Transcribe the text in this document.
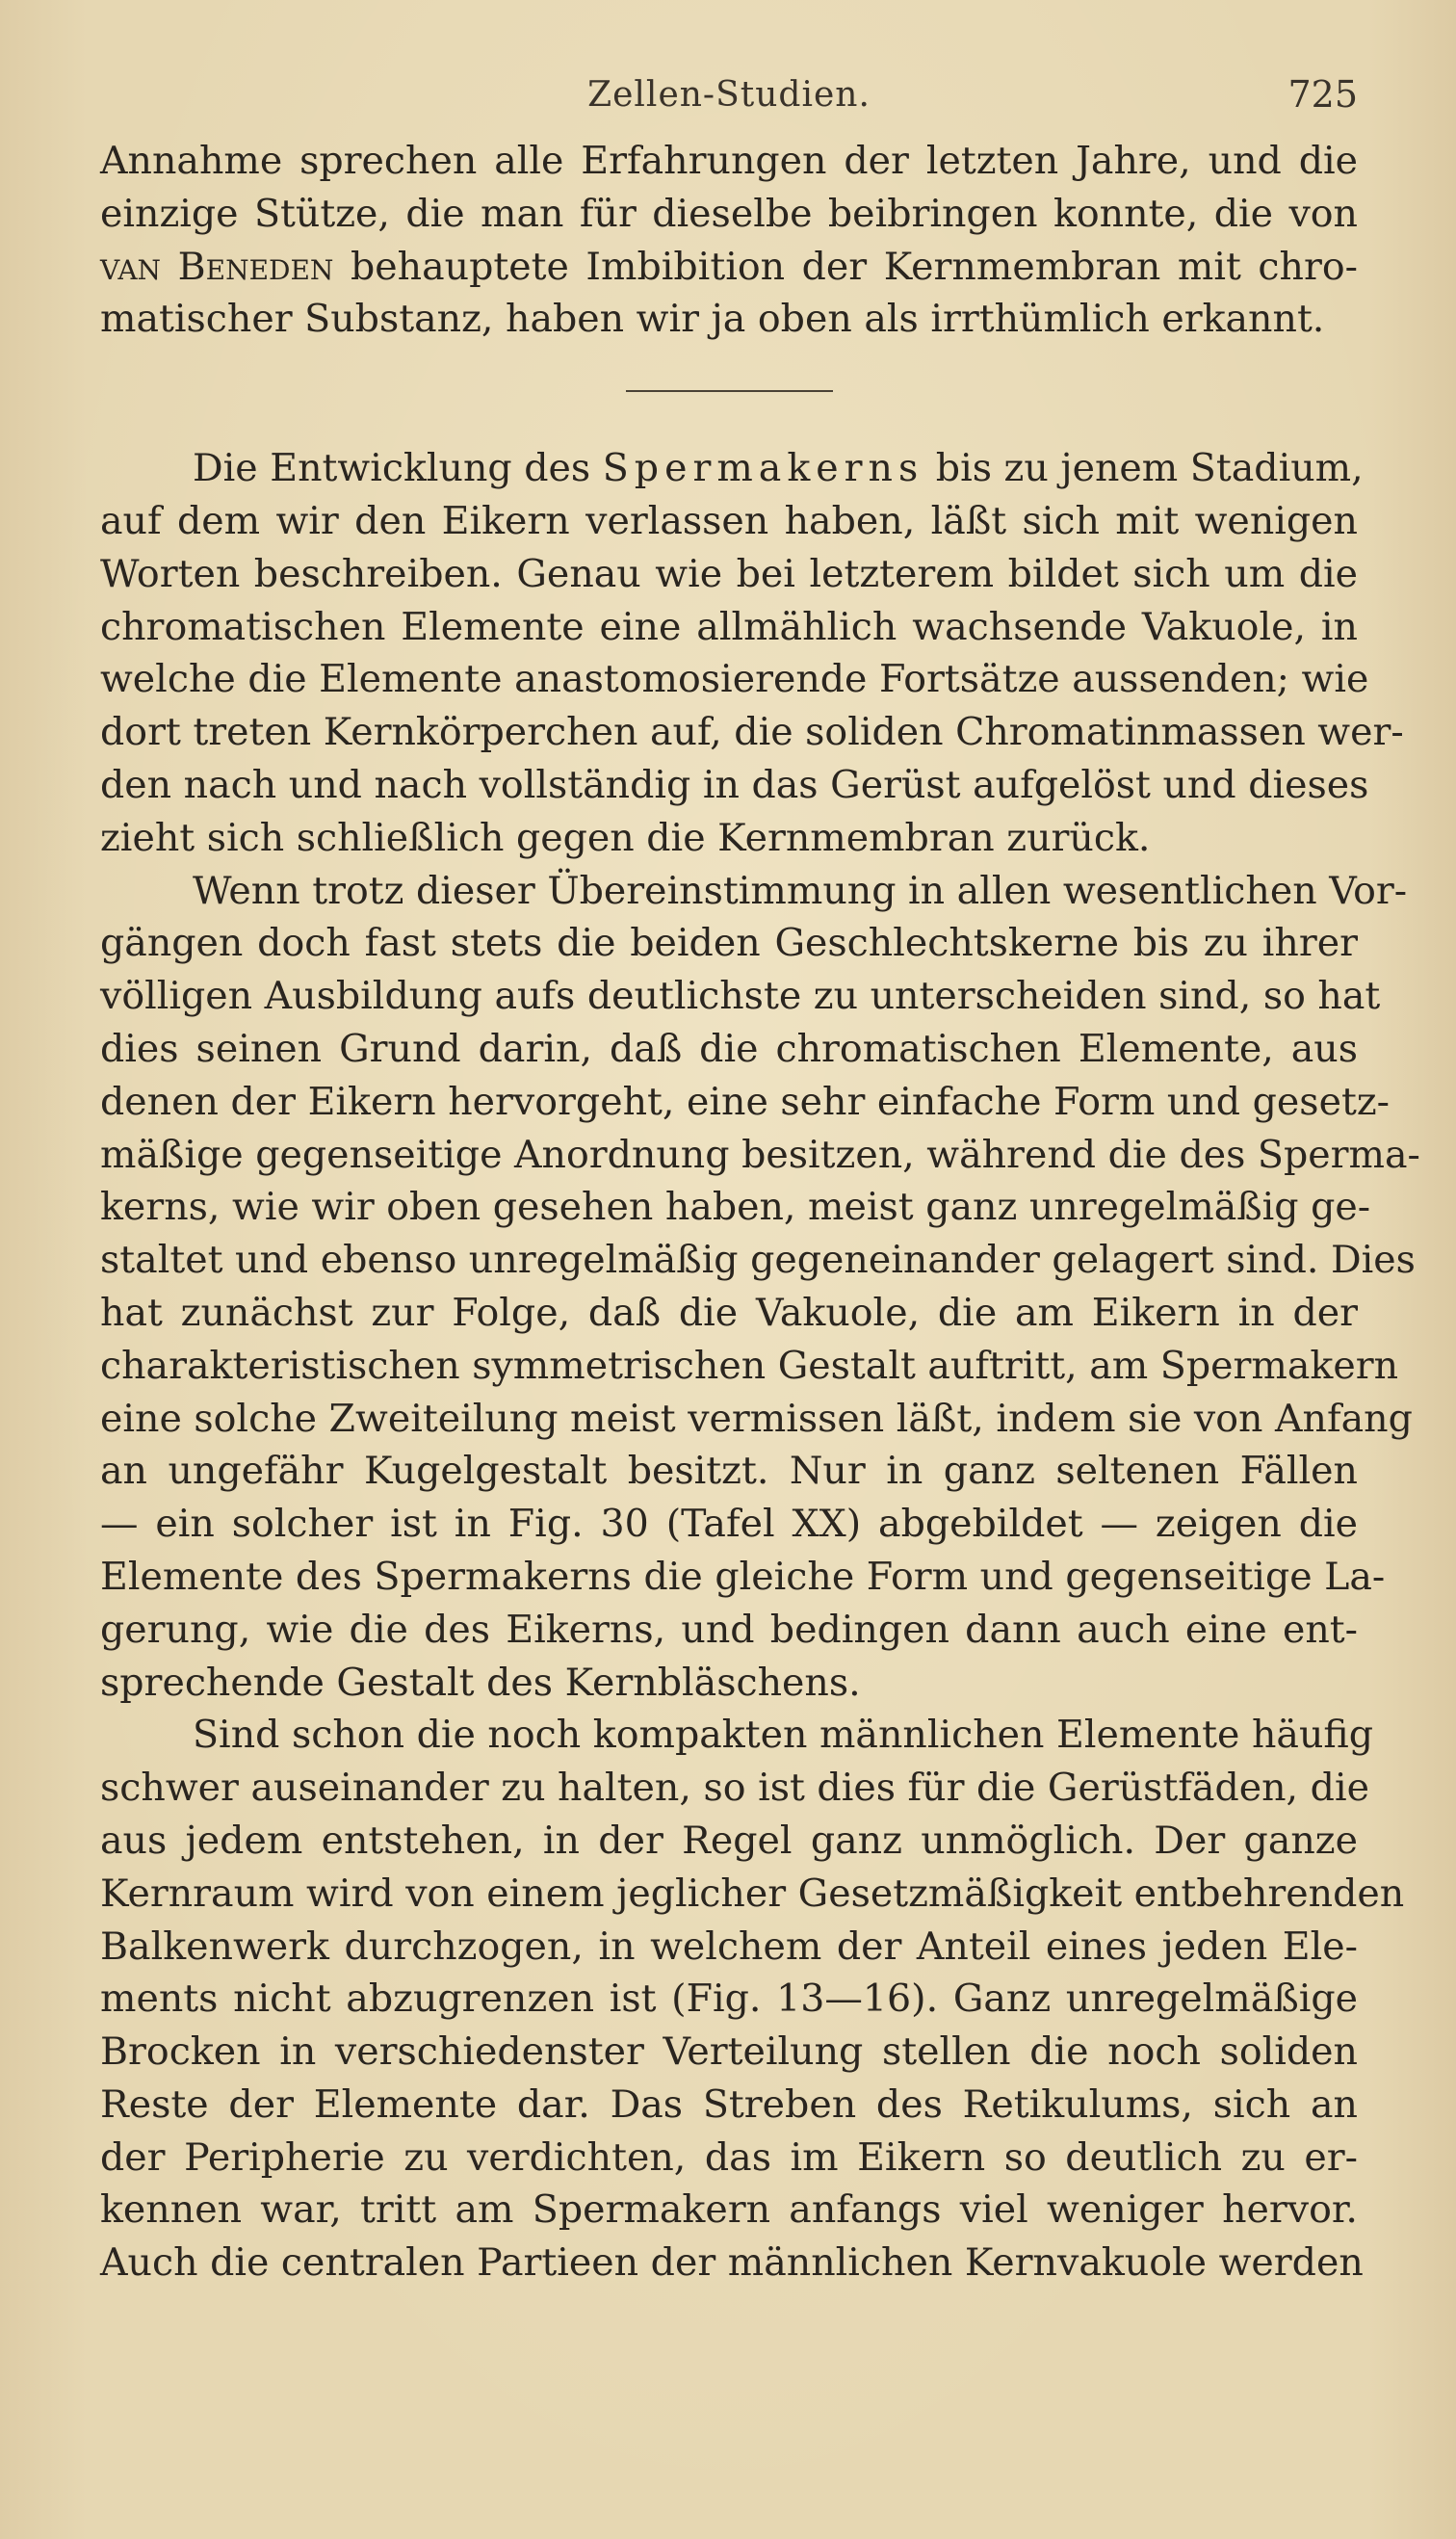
Zellen-Studien.	725
Annahme sprechen alle Erfahrungen der letzten Jahre, und die
einzige Stütze, die man für dieselbe beibringen konnte, die von
van Beneden behauptete Imbibition der Kernmembran mit chro-
matischer Substanz, haben wir ja oben als irrthümlich erkannt.
Die Entwicklung des Spermakerns bis zu jenem Stadium,
auf dem wir den Eikern verlassen haben, läßt sich mit wenigen
Worten beschreiben. Genau wie bei letzterem bildet sich um die
chromatischen Elemente eine allmählich wachsende Vakuole, in
welche die Elemente anastomosierende Fortsätze aussenden; wie
dort treten Kernkörperchen auf, die soliden Chromatinmassen wer-
den nach und nach vollständig in das Gerüst aufgelöst und dieses
zieht sich schließlich gegen die Kernmembran zurück.
Wenn trotz dieser Übereinstimmung in allen wesentlichen Vor-
gängen doch fast stets die beiden Geschlechtskerne bis zu ihrer
völligen Ausbildung aufs deutlichste zu unterscheiden sind, so hat
dies seinen Grund darin, daß die chromatischen Elemente, aus
denen der Eikern hervorgeht, eine sehr einfache Form und gesetz-
mäßige gegenseitige Anordnung besitzen, während die des Sperma-
kerns, wie wir oben gesehen haben, meist ganz unregelmäßig ge-
staltet und ebenso unregelmäßig gegeneinander gelagert sind. Dies
hat zunächst zur Folge, daß die Vakuole, die am Eikern in der
charakteristischen symmetrischen Gestalt auftritt, am Spermakern
eine solche Zweiteilung meist vermissen läßt, indem sie von Anfang
an ungefähr Kugelgestalt besitzt. Nur in ganz seltenen Fällen
— ein solcher ist in Fig. 30 (Tafel XX) abgebildet — zeigen die
Elemente des Spermakerns die gleiche Form und gegenseitige La-
gerung, wie die des Eikerns, und bedingen dann auch eine ent-
sprechende Gestalt des Kernbläschens.
Sind schon die noch kompakten männlichen Elemente häufig
schwer auseinander zu halten, so ist dies für die Gerüstfäden, die
aus jedem entstehen, in der Regel ganz unmöglich. Der ganze
Kernraum wird von einem jeglicher Gesetzmäßigkeit entbehrenden
Balkenwerk durchzogen, in welchem der Anteil eines jeden Ele-
ments nicht abzugrenzen ist (Fig. 13—16). Ganz unregelmäßige
Brocken in verschiedenster Verteilung stellen die noch soliden
Reste der Elemente dar. Das Streben des Retikulums, sich an
der Peripherie zu verdichten, das im Eikern so deutlich zu er-
kennen war, tritt am Spermakern anfangs viel weniger hervor.
Auch die centralen Partieen der männlichen Kernvakuole werden
